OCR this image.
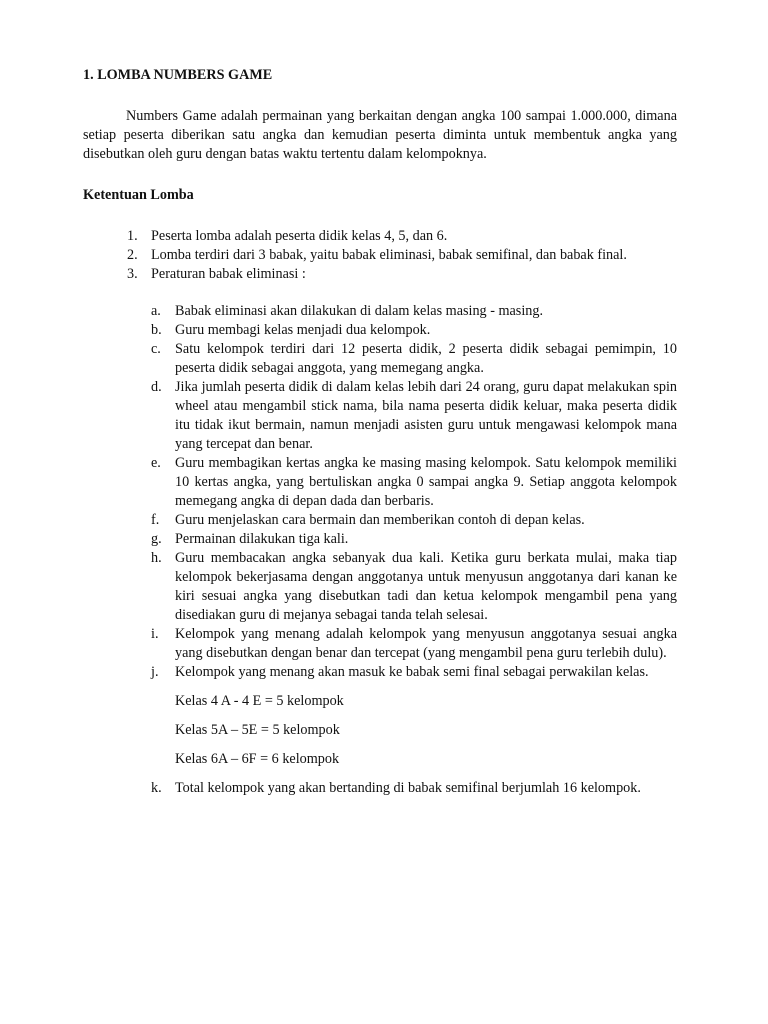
1. LOMBA NUMBERS GAME

Numbers Game adalah permainan yang berkaitan dengan angka 100 sampai 1.000.000, dimana setiap peserta diberikan satu angka dan kemudian peserta diminta untuk membentuk angka yang disebutkan oleh guru dengan batas waktu tertentu dalam kelompoknya.

Ketentuan Lomba

1. Peserta lomba adalah peserta didik kelas 4, 5, dan 6.
2. Lomba terdiri dari 3 babak, yaitu babak eliminasi, babak semifinal, dan babak final.
3. Peraturan babak eliminasi :
a. Babak eliminasi akan dilakukan di dalam kelas masing - masing.
b. Guru membagi kelas menjadi dua kelompok.
c. Satu kelompok terdiri dari 12 peserta didik, 2 peserta didik sebagai pemimpin, 10 peserta didik sebagai anggota, yang memegang angka.
d. Jika jumlah peserta didik di dalam kelas lebih dari 24 orang, guru dapat melakukan spin wheel atau mengambil stick nama, bila nama peserta didik keluar, maka peserta didik itu tidak ikut bermain, namun menjadi asisten guru untuk mengawasi kelompok mana yang tercepat dan benar.
e. Guru membagikan kertas angka ke masing masing kelompok. Satu kelompok memiliki 10 kertas angka, yang bertuliskan angka 0 sampai angka 9. Setiap anggota kelompok memegang angka di depan dada dan berbaris.
f. Guru menjelaskan cara bermain dan memberikan contoh di depan kelas.
g. Permainan dilakukan tiga kali.
h. Guru membacakan angka sebanyak dua kali. Ketika guru berkata mulai, maka tiap kelompok bekerjasama dengan anggotanya untuk menyusun anggotanya dari kanan ke kiri sesuai angka yang disebutkan tadi dan ketua kelompok mengambil pena yang disediakan guru di mejanya sebagai tanda telah selesai.
i. Kelompok yang menang adalah kelompok yang menyusun anggotanya sesuai angka yang disebutkan dengan benar dan tercepat (yang mengambil pena guru terlebih dulu).
j. Kelompok yang menang akan masuk ke babak semi final sebagai perwakilan kelas.
Kelas 4 A - 4 E = 5 kelompok
Kelas 5A – 5E = 5 kelompok
Kelas 6A – 6F = 6 kelompok
k. Total kelompok yang akan bertanding di babak semifinal berjumlah 16 kelompok.
